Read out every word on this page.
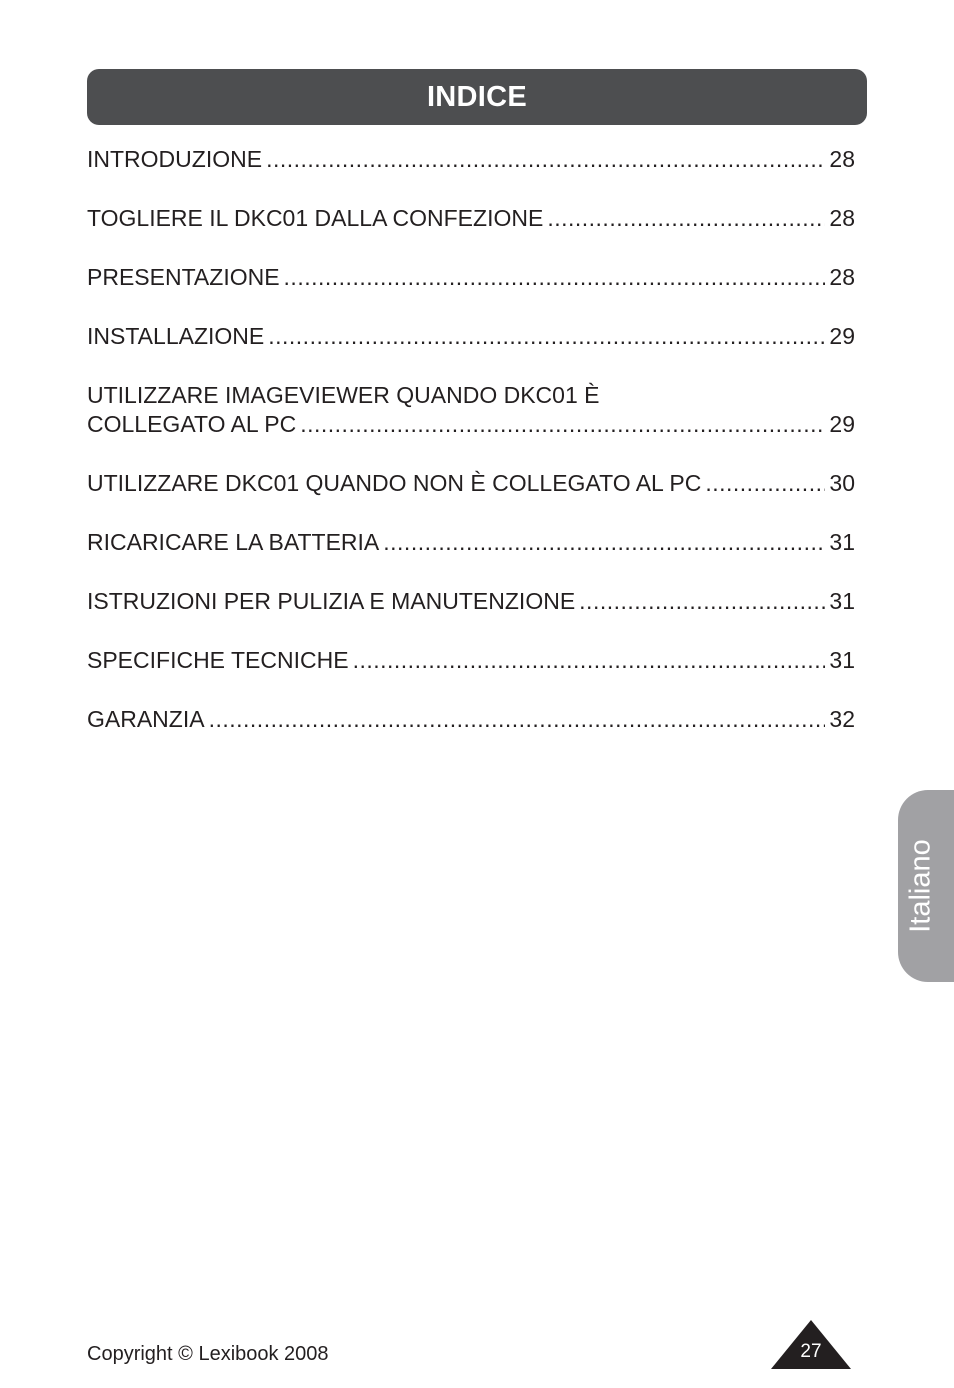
INDICE
INTRODUZIONE .....	28
TOGLIERE IL DKC01 DALLA CONFEZIONE .....	28
PRESENTAZIONE .....	28
INSTALLAZIONE .....	29
UTILIZZARE IMAGEVIEWER QUANDO DKC01 È
COLLEGATO AL PC .....	29
UTILIZZARE DKC01 QUANDO NON È COLLEGATO AL PC .....	30
RICARICARE LA BATTERIA .....	31
ISTRUZIONI PER PULIZIA E MANUTENZIONE .....	31
SPECIFICHE TECNICHE .....	31
GARANZIA .....	32
Italiano
Copyright © Lexibook 2008	27
